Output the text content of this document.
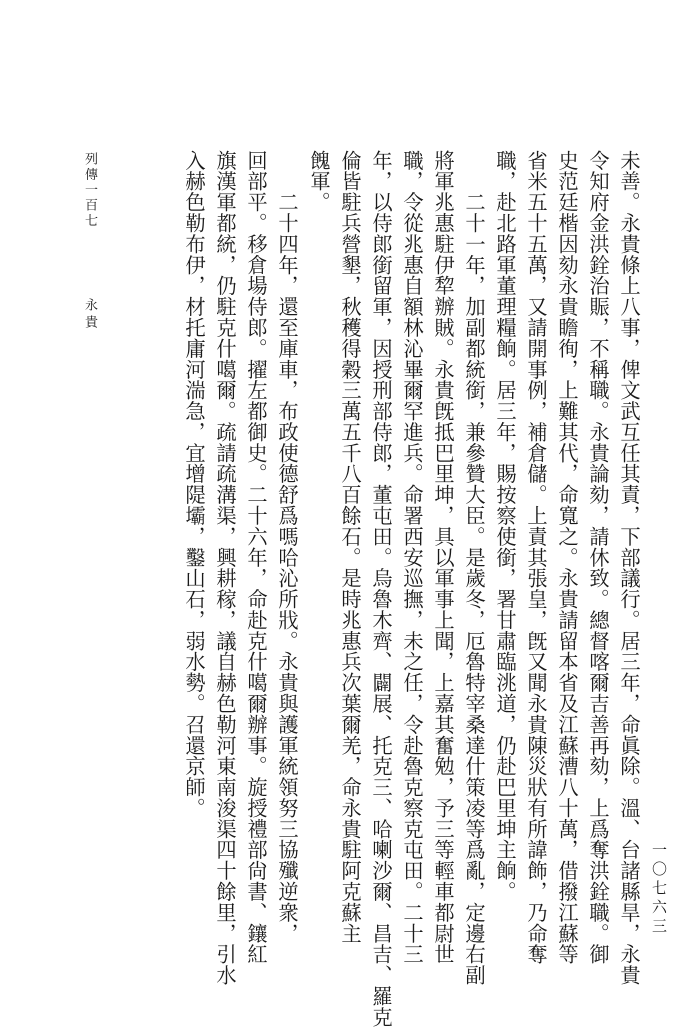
一〇七六三
未善。永貴條上八事，俾文武互任其責，下部議行。居三年，命眞除。溫、台諸縣旱，永貴
令知府金洪銓治賑，不稱職。永貴論劾，請休致。總督喀爾吉善再劾，上爲奪洪銓職。御
史范廷楷因劾永貴瞻徇，上難其代，命寬之。永貴請留本省及江蘇漕八十萬，借撥江蘇等
省米五十五萬，又請開事例，補倉儲。上責其張皇，旣又聞永貴陳災狀有所諱飾，乃命奪
職，赴北路軍董理糧餉。居三年，賜按察使銜，署甘肅臨洮道，仍赴巴里坤主餉。
　　二十一年，加副都統銜，兼參贊大臣。是歲冬，厄魯特宰桑達什策凌等爲亂，定邊右副
將軍兆惠駐伊犂辦賊。永貴旣抵巴里坤，具以軍事上聞，上嘉其奮勉，予三等輕車都尉世
職，令從兆惠自額林沁畢爾罕進兵。命署西安巡撫，未之任，令赴魯克察克屯田。二十三
年，以侍郎銜留軍，因授刑部侍郎，董屯田。烏魯木齊、闢展、托克三、哈喇沙爾、昌吉、羅克
倫皆駐兵營墾，秋穫得穀三萬五千八百餘石。是時兆惠兵次葉爾羌，命永貴駐阿克蘇主
餽軍。
　　二十四年，還至庫車，布政使德舒爲嗎哈沁所戕。永貴與護軍統領努三協殲逆衆，
回部平。移倉場侍郎。擢左都御史。二十六年，命赴克什噶爾辦事。旋授禮部尙書、鑲紅
旗漢軍都統，仍駐克什噶爾。疏請疏溝渠，興耕稼，議自赫色勒河東南浚渠四十餘里，引水
入赫色勒布伊，材托庸河湍急，宜增隄壩，鑿山石，弱水勢。召還京師。
列傳一百七
永貴
